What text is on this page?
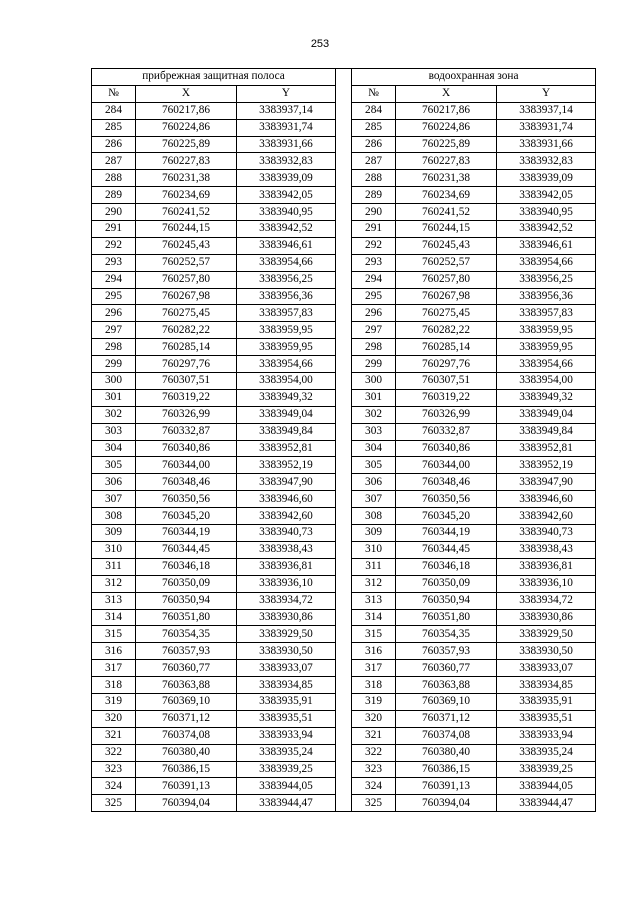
253
прибрежная защитная полоса				водоохранная зона		
№	X	Y		№	X	Y
284	760217,86	3383937,14		284	760217,86	3383937,14
285	760224,86	3383931,74		285	760224,86	3383931,74
286	760225,89	3383931,66		286	760225,89	3383931,66
287	760227,83	3383932,83		287	760227,83	3383932,83
288	760231,38	3383939,09		288	760231,38	3383939,09
289	760234,69	3383942,05		289	760234,69	3383942,05
290	760241,52	3383940,95		290	760241,52	3383940,95
291	760244,15	3383942,52		291	760244,15	3383942,52
292	760245,43	3383946,61		292	760245,43	3383946,61
293	760252,57	3383954,66		293	760252,57	3383954,66
294	760257,80	3383956,25		294	760257,80	3383956,25
295	760267,98	3383956,36		295	760267,98	3383956,36
296	760275,45	3383957,83		296	760275,45	3383957,83
297	760282,22	3383959,95		297	760282,22	3383959,95
298	760285,14	3383959,95		298	760285,14	3383959,95
299	760297,76	3383954,66		299	760297,76	3383954,66
300	760307,51	3383954,00		300	760307,51	3383954,00
301	760319,22	3383949,32		301	760319,22	3383949,32
302	760326,99	3383949,04		302	760326,99	3383949,04
303	760332,87	3383949,84		303	760332,87	3383949,84
304	760340,86	3383952,81		304	760340,86	3383952,81
305	760344,00	3383952,19		305	760344,00	3383952,19
306	760348,46	3383947,90		306	760348,46	3383947,90
307	760350,56	3383946,60		307	760350,56	3383946,60
308	760345,20	3383942,60		308	760345,20	3383942,60
309	760344,19	3383940,73		309	760344,19	3383940,73
310	760344,45	3383938,43		310	760344,45	3383938,43
311	760346,18	3383936,81		311	760346,18	3383936,81
312	760350,09	3383936,10		312	760350,09	3383936,10
313	760350,94	3383934,72		313	760350,94	3383934,72
314	760351,80	3383930,86		314	760351,80	3383930,86
315	760354,35	3383929,50		315	760354,35	3383929,50
316	760357,93	3383930,50		316	760357,93	3383930,50
317	760360,77	3383933,07		317	760360,77	3383933,07
318	760363,88	3383934,85		318	760363,88	3383934,85
319	760369,10	3383935,91		319	760369,10	3383935,91
320	760371,12	3383935,51		320	760371,12	3383935,51
321	760374,08	3383933,94		321	760374,08	3383933,94
322	760380,40	3383935,24		322	760380,40	3383935,24
323	760386,15	3383939,25		323	760386,15	3383939,25
324	760391,13	3383944,05		324	760391,13	3383944,05
325	760394,04	3383944,47		325	760394,04	3383944,47
